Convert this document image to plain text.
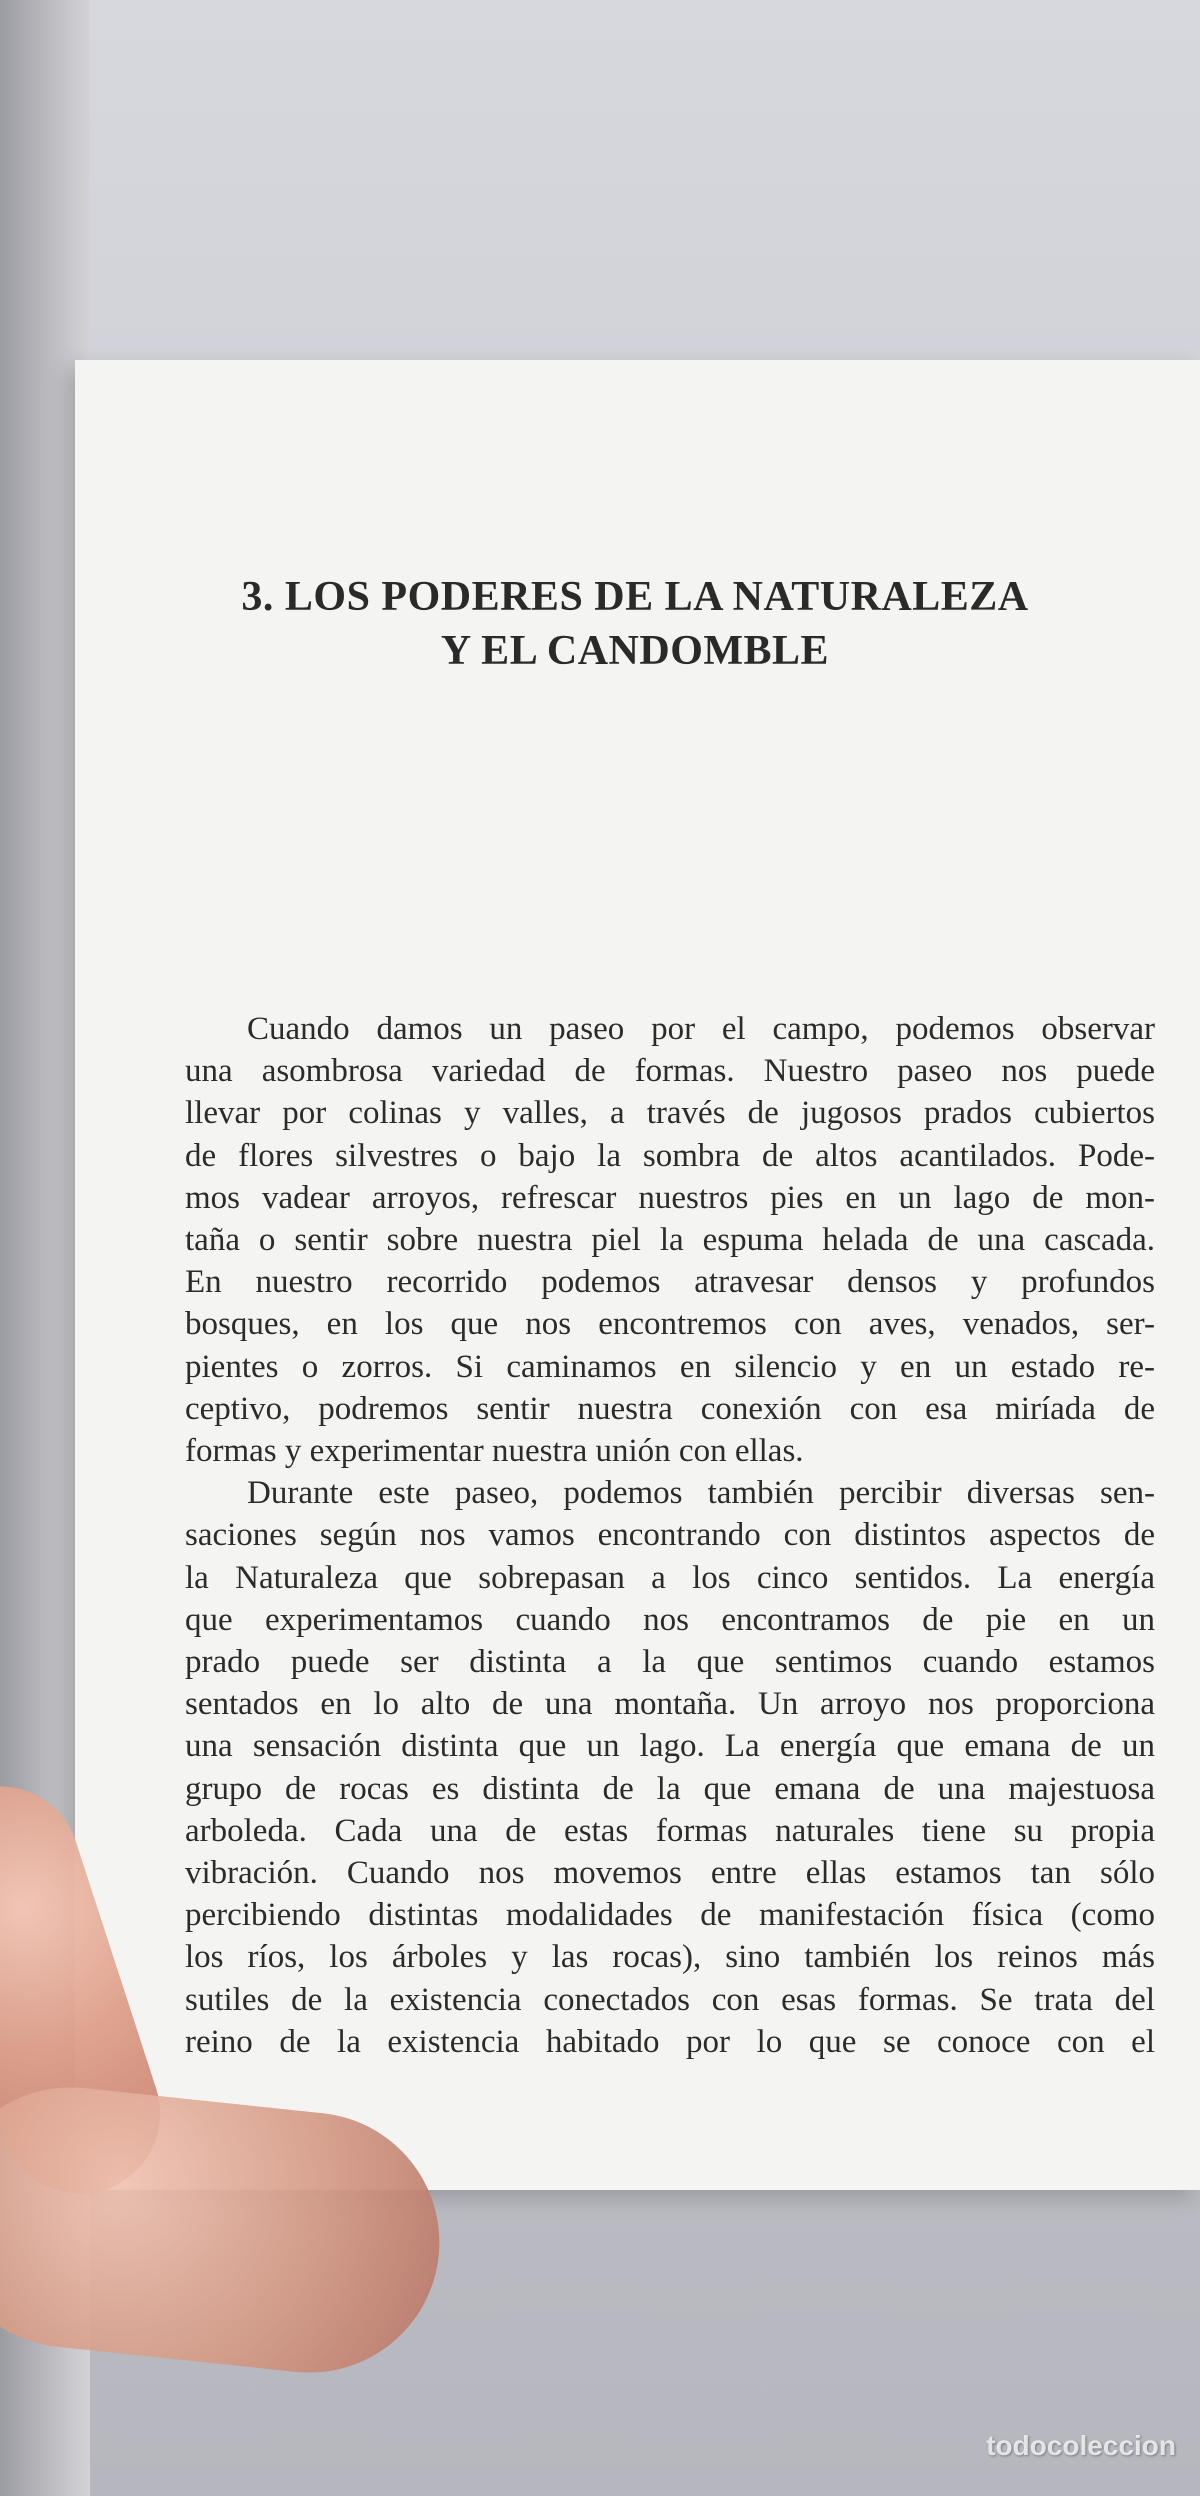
3. LOS PODERES DE LA NATURALEZA
Y EL CANDOMBLE

Cuando damos un paseo por el campo, podemos observar

una asombrosa variedad de formas. Nuestro paseo nos puede

llevar por colinas y valles, a través de jugosos prados cubiertos

de flores silvestres o bajo la sombra de altos acantilados. Pode-

mos vadear arroyos, refrescar nuestros pies en un lago de mon-

taña o sentir sobre nuestra piel la espuma helada de una cascada.

En nuestro recorrido podemos atravesar densos y profundos

bosques, en los que nos encontremos con aves, venados, ser-

pientes o zorros. Si caminamos en silencio y en un estado re-

ceptivo, podremos sentir nuestra conexión con esa miríada de

formas y experimentar nuestra unión con ellas.

Durante este paseo, podemos también percibir diversas sen-

saciones según nos vamos encontrando con distintos aspectos de

la Naturaleza que sobrepasan a los cinco sentidos. La energía

que experimentamos cuando nos encontramos de pie en un

prado puede ser distinta a la que sentimos cuando estamos

sentados en lo alto de una montaña. Un arroyo nos proporciona

una sensación distinta que un lago. La energía que emana de un

grupo de rocas es distinta de la que emana de una majestuosa

arboleda. Cada una de estas formas naturales tiene su propia

vibración. Cuando nos movemos entre ellas estamos tan sólo

percibiendo distintas modalidades de manifestación física (como

los ríos, los árboles y las rocas), sino también los reinos más

sutiles de la existencia conectados con esas formas. Se trata del

reino de la existencia habitado por lo que se conoce con el

todocoleccion
